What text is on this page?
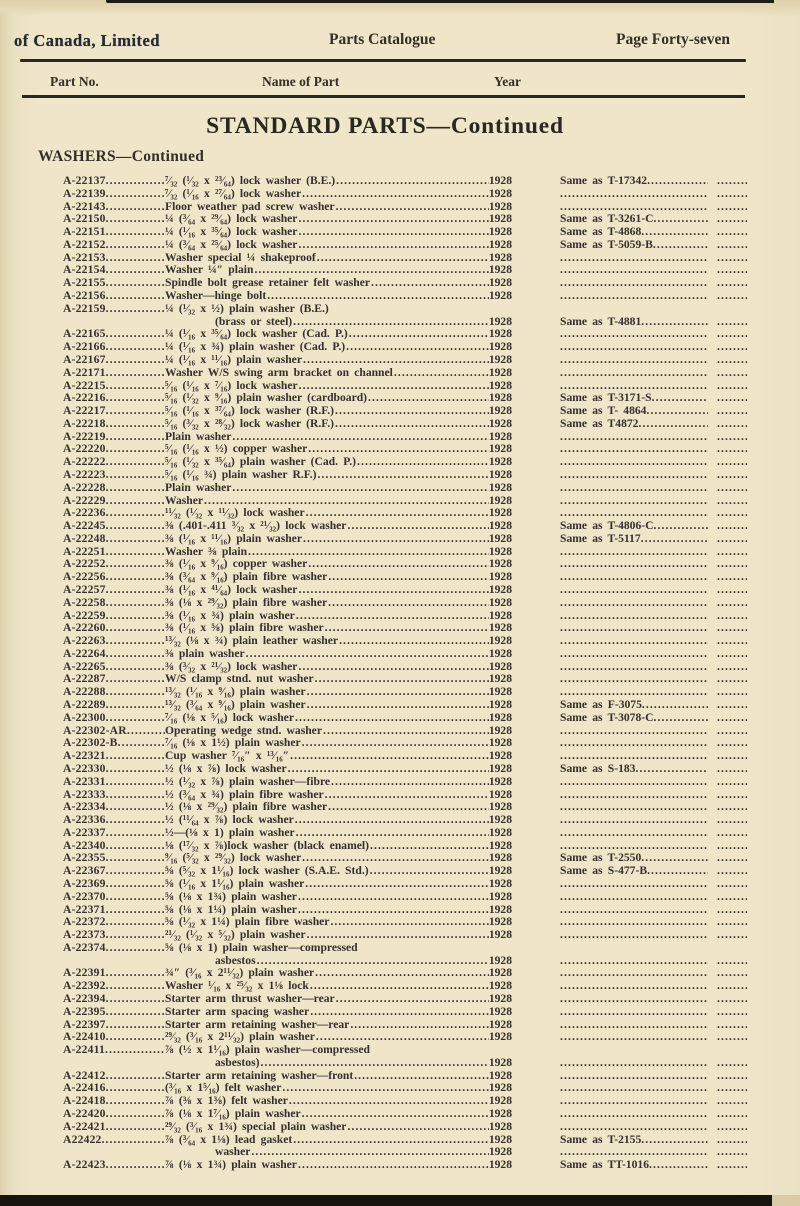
of Canada, Limited	Parts Catalogue	Page Forty-seven
Part No.	Name of Part	Year
STANDARD PARTS—Continued
WASHERS—Continued
A-22137 .....	⁷⁄₃₂ (¹⁄₃₂ x ²³⁄₆₄) lock washer (B.E.) .....	1928	Same as T-17342
.....
.....
A-22139 .....	⁷⁄₃₂ (¹⁄₁₆ x ²⁷⁄₆₄) lock washer .....	1928
.....
.....
A-22143 .....	Floor weather pad screw washer .....	1928
.....
.....
A-22150 .....	¼ (³⁄₆₄ x ²⁹⁄₆₄) lock washer .....	1928	Same as T-3261-C
.....
.....
A-22151 .....	¼ (¹⁄₁₆ x ³⁵⁄₆₄) lock washer .....	1928	Same as T-4868
.....
.....
A-22152 .....	¼ (³⁄₆₄ x ²⁵⁄₆₄) lock washer .....	1928	Same as T-5059-B
.....
.....
A-22153 .....	Washer special ¼ shakeproof .....	1928
.....
.....
A-22154 .....	Washer ¼″ plain .....	1928
.....
.....
A-22155 .....	Spindle bolt grease retainer felt washer .....	1928
.....
.....
A-22156 .....	Washer—hinge bolt .....	1928
.....
.....
A-22159 .....	¼ (¹⁄₃₂ x ½) plain washer (B.E.)
(brass or steel) .....	1928	Same as T-4881
.....
.....
A-22165 .....	¼ (¹⁄₁₆ x ³⁵⁄₆₄) lock washer (Cad. P.) .....	1928
.....
.....
A-22166 .....	¼ (¹⁄₁₆ x ¾) plain washer (Cad. P.) .....	1928
.....
.....
A-22167 .....	¼ (¹⁄₁₆ x ¹¹⁄₁₆) plain washer .....	1928
.....
.....
A-22171 .....	Washer W/S swing arm bracket on channel .....	1928
.....
.....
A-22215 .....	⁵⁄₁₆ (¹⁄₁₆ x ⁷⁄₁₆) lock washer .....	1928
.....
.....
A-22216 .....	⁵⁄₁₆ (¹⁄₃₂ x ⁹⁄₁₆) plain washer (cardboard) .....	1928	Same as T-3171-S
.....
.....
A-22217 .....	⁵⁄₁₆ (¹⁄₁₆ x ³⁷⁄₆₄) lock washer (R.F.) .....	1928	Same as T- 4864
.....
.....
A-22218 .....	⁵⁄₁₆ (³⁄₃₂ x ²⁸⁄₃₂) lock washer (R.F.) .....	1928	Same as T4872
.....
.....
A-22219 .....	Plain washer .....	1928
.....
.....
A-22220 .....	⁵⁄₁₆ (¹⁄₁₆ x ½) copper washer .....	1928
.....
.....
A-22222 .....	⁵⁄₁₆ (¹⁄₃₂ x ³⁵⁄₆₄) plain washer (Cad. P.) .....	1928
.....
.....
A-22223 .....	⁵⁄₁₆ (¹⁄₁₆ ¾) plain washer R.F.) .....	1928
.....
.....
A-22228 .....	Plain washer .....	1928
.....
.....
A-22229 .....	Washer .....	1928
.....
.....
A-22236 .....	¹¹⁄₃₂ (¹⁄₃₂ x ¹¹⁄₃₂) lock washer .....	1928
.....
.....
A-22245 .....	⅜ (.401-.411 ³⁄₃₂ x ²¹⁄₃₂) lock washer .....	1928	Same as T-4806-C
.....
.....
A-22248 .....	⅜ (¹⁄₁₆ x ¹¹⁄₁₆) plain washer .....	1928	Same as T-5117
.....
.....
A-22251 .....	Washer ⅜ plain .....	1928
.....
.....
A-22252 .....	⅜ (¹⁄₁₆ x ⁹⁄₁₆) copper washer .....	1928
.....
.....
A-22256 .....	⅜ (³⁄₆₄ x ⁹⁄₁₆) plain fibre washer .....	1928
.....
.....
A-22257 .....	⅜ (¹⁄₁₆ x ⁴¹⁄₆₄) lock washer .....	1928
.....
.....
A-22258 .....	⅜ (⅛ x ²⁹⁄₃₂) plain fibre washer .....	1928
.....
.....
A-22259 .....	⅜ (¹⁄₁₆ x ¾) plain washer .....	1928
.....
.....
A-22260 .....	⅜ (¹⁄₁₆ x ⅝) plain fibre washer .....	1928
.....
.....
A-22263 .....	¹³⁄₃₂ (⅛ x ¾) plain leather washer .....	1928
.....
.....
A-22264 .....	⅜ plain washer .....	1928
.....
.....
A-22265 .....	⅜ (³⁄₃₂ x ²¹⁄₃₂) lock washer .....	1928
.....
.....
A-22287 .....	W/S clamp stnd. nut washer .....	1928
.....
.....
A-22288 .....	¹³⁄₃₂ (¹⁄₁₆ x ⁹⁄₁₆) plain washer .....	1928
.....
.....
A-22289 .....	¹³⁄₃₂ (³⁄₆₄ x ⁹⁄₁₆) plain washer .....	1928	Same as F-3075
.....
.....
A-22300 .....	⁷⁄₁₆ (⅛ x ⁵⁄₁₆) lock washer .....	1928	Same as T-3078-C
.....
.....
A-22302-AR .....	Operating wedge stnd. washer .....	1928
.....
.....
A-22302-B .....	⁷⁄₁₆ (⅛ x 1½) plain washer .....	1928
.....
.....
A-22321 .....	Cup washer ⁷⁄₁₆″ x ¹³⁄₁₆″ .....	1928
.....
.....
A-22330 .....	½ (⅛ x ⅞) lock washer .....	1928	Same as S-183
.....
.....
A-22331 .....	½ (¹⁄₃₂ x ⅞) plain washer—fibre .....	1928
.....
.....
A-22333 .....	½ (³⁄₆₄ x ¾) plain fibre washer .....	1928
.....
.....
A-22334 .....	½ (⅛ x ²⁹⁄₃₂) plain fibre washer .....	1928
.....
.....
A-22336 .....	½ (¹¹⁄₆₄ x ⅞) lock washer .....	1928
.....
.....
A-22337 .....	½—(⅛ x 1) plain washer .....	1928
.....
.....
A-22340 .....	⅛ (¹⁷⁄₃₂ x ⅞)lock washer (black enamel) .....	1928
.....
.....
A-22355 .....	⁹⁄₁₆ (⁵⁄₃₂ x ²⁹⁄₃₂) lock washer .....	1928	Same as T-2550
.....
.....
A-22367 .....	⅝ (⁵⁄₃₂ x 1¹⁄₁₆) lock washer (S.A.E. Std.) .....	1928	Same as S-477-B
.....
.....
A-22369 .....	⅝ (¹⁄₁₆ x 1¹⁄₁₆) plain washer .....	1928
.....
.....
A-22370 .....	⅝ (⅛ x 1¾) plain washer .....	1928
.....
.....
A-22371 .....	⅝ (⅛ x 1¼) plain washer .....	1928
.....
.....
A-22372 .....	⅝ (¹⁄₃₂ x 1¼) plain fibre washer .....	1928
.....
.....
A-22373 .....	²¹⁄₃₂ (¹⁄₃₂ x ⁵⁄₃₂) plain washer .....	1928
.....
.....
A-22374 .....	⅝ (⅛ x 1) plain washer—compressed
asbestos .....	1928
.....
.....
A-22391 .....	¾″ (³⁄₁₆ x 2¹¹⁄₃₂) plain washer .....	1928
.....
.....
A-22392 .....	Washer ¹⁄₁₆ x ²⁵⁄₃₂ x 1⅛ lock .....	1928
.....
.....
A-22394 .....	Starter arm thrust washer—rear .....	1928
.....
.....
A-22395 .....	Starter arm spacing washer .....	1928
.....
.....
A-22397 .....	Starter arm retaining washer—rear .....	1928
.....
.....
A-22410 .....	²⁹⁄₃₂ (³⁄₁₆ x 2¹¹⁄₃₂) plain washer .....	1928
.....
.....
A-22411 .....	⅞ (½ x 1¹⁄₁₆) plain washer—compressed
asbestos) .....	1928
.....
.....
A-22412 .....	Starter arm retaining washer—front .....	1928
.....
.....
A-22416 .....	(³⁄₁₆ x 1⁵⁄₁₆) felt washer .....	1928
.....
.....
A-22418 .....	⅞ (⅜ x 1⅜) felt washer .....	1928
.....
.....
A-22420 .....	⅞ (⅛ x 1⁷⁄₁₆) plain washer .....	1928
.....
.....
A-22421 .....	²⁹⁄₃₂ (³⁄₁₆ x 1¾) special plain washer .....	1928
.....
.....
A22422 .....	⅞ (³⁄₆₄ x 1⅛) lead gasket .....	1928	Same as T-2155
.....
.....
washer .....	1928
.....
.....
A-22423 .....	⅞ (⅛ x 1¾) plain washer .....	1928	Same as TT-1016
.....
.....
